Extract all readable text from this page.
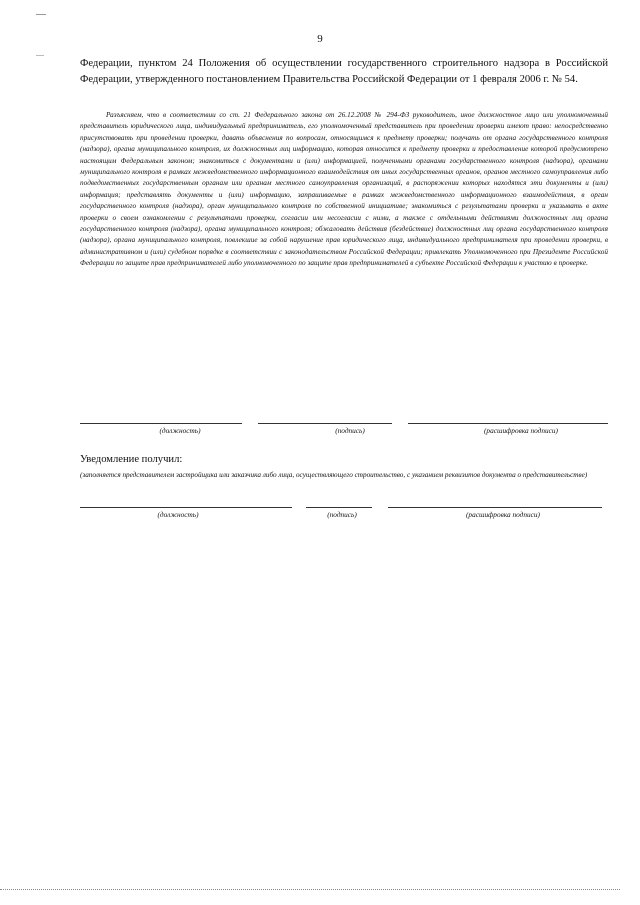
9

Федерации, пунктом 24 Положения об осуществлении государственного строительного надзора в Российской Федерации, утвержденного постановлением Правительства Российской Федерации от 1 февраля 2006 г. № 54.

Разъясняем, что в соответствии со ст. 21 Федерального закона от 26.12.2008 № 294-ФЗ руководитель, иное должностное лицо или уполномоченный представитель юридического лица, индивидуальный предприниматель, его уполномоченный представитель при проведении проверки имеют право: непосредственно присутствовать при проведении проверки, давать объяснения по вопросам, относящимся к предмету проверки; получать от органа государственного контроля (надзора), органа муниципального контроля, их должностных лиц информацию, которая относится к предмету проверки и предоставление которой предусмотрено настоящим Федеральным законом; знакомиться с документами и (или) информацией, полученными органами государственного контроля (надзора), органами муниципального контроля в рамках межведомственного информационного взаимодействия от иных государственных органов, органов местного самоуправления либо подведомственных государственным органам или органам местного самоуправления организаций, в распоряжении которых находятся эти документы и (или) информация; представлять документы и (или) информацию, запрашиваемые в рамках межведомственного информационного взаимодействия, в орган государственного контроля (надзора), орган муниципального контроля по собственной инициативе; знакомиться с результатами проверки и указывать в акте проверки о своем ознакомлении с результатами проверки, согласии или несогласии с ними, а также с отдельными действиями должностных лиц органа государственного контроля (надзора), органа муниципального контроля; обжаловать действия (бездействие) должностных лиц органа государственного контроля (надзора), органа муниципального контроля, повлекшие за собой нарушение прав юридического лица, индивидуального предпринимателя при проведении проверки, в административном и (или) судебном порядке в соответствии с законодательством Российской Федерации; привлекать Уполномоченного при Президенте Российской Федерации по защите прав предпринимателей либо уполномоченного по защите прав предпринимателей в субъекте Российской Федерации к участию в проверке.

(должность)	(подпись)	(расшифровка подписи)

Уведомление получил:

(заполняется представителем застройщика или заказчика либо лица, осуществляющего строительство, с указанием реквизитов документа о представительстве)

(должность)	(подпись)	(расшифровка подписи)
